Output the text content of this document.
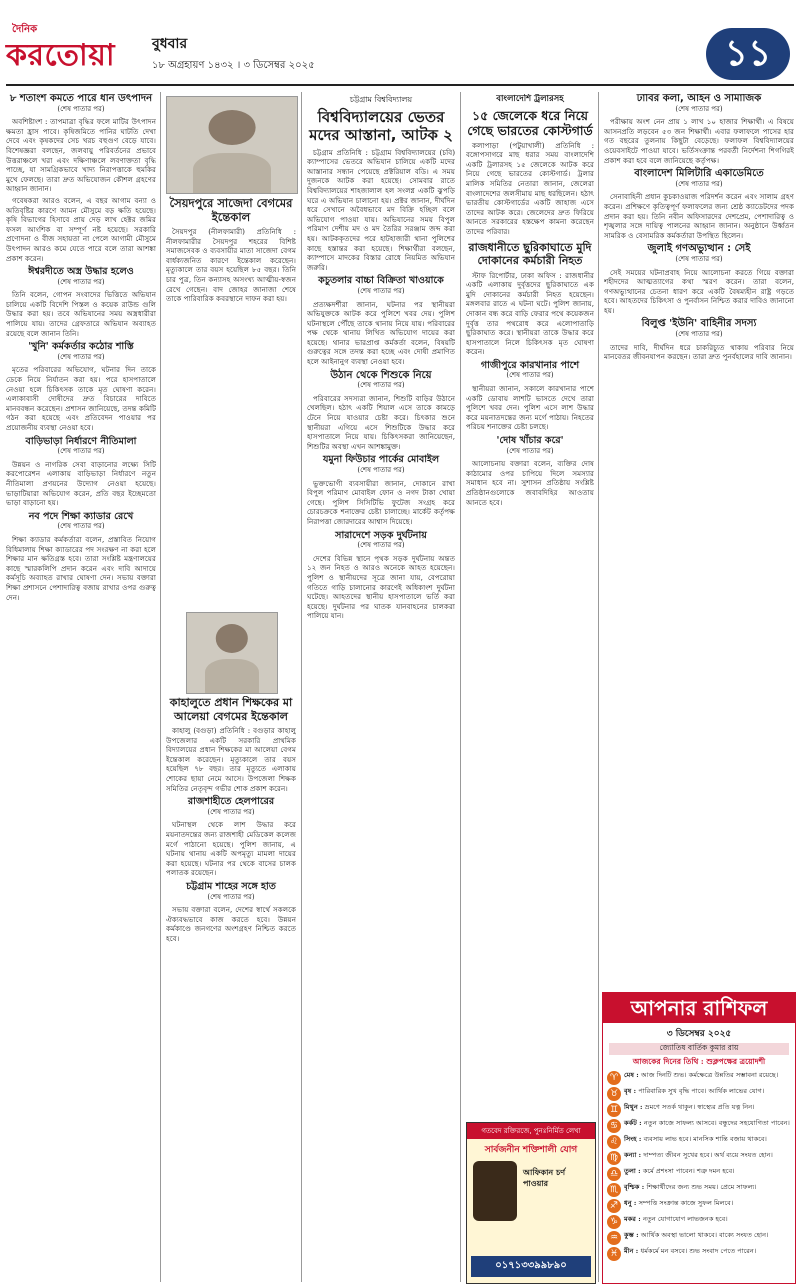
দৈনিক
করতোয়া	বুধবার
১৮ অগ্রহায়ণ ১৪৩২ । ৩ ডিসেম্বর ২০২৫	১১
৮ শতাংশ কমতে পারে ধান উৎপাদন
(শেষ পাতার পর)

অবশিষ্টাংশ : তাপমাত্রা বৃদ্ধির ফলে মাটির উৎপাদন ক্ষমতা হ্রাস পাবে। কৃষিজমিতে পানির ঘাটতি দেখা দেবে এবং কৃষকদের সেচ খরচ বহুগুণ বেড়ে যাবে। বিশেষজ্ঞরা বলছেন, জলবায়ু পরিবর্তনের প্রভাবে উত্তরাঞ্চলে খরা এবং দক্ষিণাঞ্চলে লবণাক্ততা বৃদ্ধি পাচ্ছে, যা সামগ্রিকভাবে খাদ্য নিরাপত্তাকে হুমকির মুখে ফেলছে। তারা দ্রুত অভিযোজন কৌশল গ্রহণের আহ্বান জানান।

গবেষকরা আরও বলেন, এ বছর আগাম বন্যা ও অতিবৃষ্টির কারণে আমন মৌসুমে বড় ক্ষতি হয়েছে। কৃষি বিভাগের হিসাবে প্রায় দেড় লাখ হেক্টর জমির ফসল আংশিক বা সম্পূর্ণ নষ্ট হয়েছে। সরকারি প্রণোদনা ও বীজ সহায়তা না পেলে আগামী মৌসুমে উৎপাদন আরও কমে যেতে পারে বলে তারা আশঙ্কা প্রকাশ করেন।

ঈশ্বরদীতে অস্ত্র উদ্ধার হলেও
(শেষ পাতার পর)

তিনি বলেন, গোপন সংবাদের ভিত্তিতে অভিযান চালিয়ে একটি বিদেশি পিস্তল ও কয়েক রাউন্ড গুলি উদ্ধার করা হয়। তবে অভিযানের সময় অস্ত্রধারীরা পালিয়ে যায়। তাদের গ্রেফতারে অভিযান অব্যাহত রয়েছে বলে জানান তিনি।

'খুনি' কর্মকর্তার কঠোর শাস্তি
(শেষ পাতার পর)

মৃতের পরিবারের অভিযোগ, ঘটনার দিন তাকে ডেকে নিয়ে নির্যাতন করা হয়। পরে হাসপাতালে নেওয়া হলে চিকিৎসক তাকে মৃত ঘোষণা করেন। এলাকাবাসী দোষীদের দ্রুত বিচারের দাবিতে মানববন্ধন করেছেন। প্রশাসন জানিয়েছে, তদন্ত কমিটি গঠন করা হয়েছে এবং প্রতিবেদন পাওয়ার পর প্রয়োজনীয় ব্যবস্থা নেওয়া হবে।

বাড়িভাড়া নির্ধারণে নীতিমালা
(শেষ পাতার পর)

উন্নয়ন ও নাগরিক সেবা বাড়ানোর লক্ষ্যে সিটি করপোরেশন এলাকায় বাড়িভাড়া নির্ধারণে নতুন নীতিমালা প্রণয়নের উদ্যোগ নেওয়া হয়েছে। ভাড়াটিয়ারা অভিযোগ করেন, প্রতি বছর ইচ্ছেমতো ভাড়া বাড়ানো হয়।

নব পদে শিক্ষা ক্যাডার রেখে
(শেষ পাতার পর)

শিক্ষা ক্যাডার কর্মকর্তারা বলেন, প্রস্তাবিত নিয়োগ বিধিমালায় শিক্ষা ক্যাডারের পদ সংরক্ষণ না করা হলে শিক্ষার মান ক্ষতিগ্রস্ত হবে। তারা সংশ্লিষ্ট মন্ত্রণালয়ের কাছে স্মারকলিপি প্রদান করেন এবং দাবি আদায়ে কর্মসূচি অব্যাহত রাখার ঘোষণা দেন। সভায় বক্তারা শিক্ষা প্রশাসনে পেশাদারিত্ব বজায় রাখার ওপর গুরুত্ব দেন।

সৈয়দপুরে সাজেদা বেগমের ইন্তেকাল

সৈয়দপুর (নীলফামারী) প্রতিনিধি : নীলফামারীর সৈয়দপুর শহরের বিশিষ্ট সমাজসেবক ও ব্যবসায়ীর মাতা সাজেদা বেগম বার্ধক্যজনিত কারণে ইন্তেকাল করেছেন। মৃত্যুকালে তার বয়স হয়েছিল ৮৫ বছর। তিনি চার পুত্র, তিন কন্যাসহ অসংখ্য আত্মীয়-স্বজন রেখে গেছেন। বাদ জোহর জানাজা শেষে তাকে পারিবারিক কবরস্থানে দাফন করা হয়।

কাহালুতে প্রধান শিক্ষকের মা আলেয়া বেগমের ইন্তেকাল

কাহালু (বগুড়া) প্রতিনিধি : বগুড়ার কাহালু উপজেলার একটি সরকারি প্রাথমিক বিদ্যালয়ের প্রধান শিক্ষকের মা আলেয়া বেগম ইন্তেকাল করেছেন। মৃত্যুকালে তার বয়স হয়েছিল ৭৮ বছর। তার মৃত্যুতে এলাকায় শোকের ছায়া নেমে আসে। উপজেলা শিক্ষক সমিতির নেতৃবৃন্দ গভীর শোক প্রকাশ করেন।

রাজশাহীতে হেলপারের
(শেষ পাতার পর)

ঘটনাস্থল থেকে লাশ উদ্ধার করে ময়নাতদন্তের জন্য রাজশাহী মেডিকেল কলেজ মর্গে পাঠানো হয়েছে। পুলিশ জানায়, এ ঘটনায় থানায় একটি অপমৃত্যু মামলা দায়ের করা হয়েছে। ঘটনার পর থেকে বাসের চালক পলাতক রয়েছেন।

চট্টগ্রাম শাহের সঙ্গে হাত
(শেষ পাতার পর)

সভায় বক্তারা বলেন, দেশের স্বার্থে সকলকে ঐক্যবদ্ধভাবে কাজ করতে হবে। উন্নয়ন কর্মকাণ্ডে জনগণের অংশগ্রহণ নিশ্চিত করতে হবে।

চট্টগ্রাম বিশ্ববিদ্যালয়
বিশ্ববিদ্যালয়ের ভেতর মদের আস্তানা, আটক ২

চট্টগ্রাম প্রতিনিধি : চট্টগ্রাম বিশ্ববিদ্যালয়ের (চবি) ক্যাম্পাসের ভেতরে অভিযান চালিয়ে একটি মদের আস্তানার সন্ধান পেয়েছে প্রক্টরিয়াল বডি। এ সময় দুজনকে আটক করা হয়েছে। সোমবার রাতে বিশ্ববিদ্যালয়ের শাহজালাল হল সংলগ্ন একটি ঝুপড়ি ঘরে এ অভিযান চালানো হয়। প্রক্টর জানান, দীর্ঘদিন ধরে সেখানে অবৈধভাবে মদ বিক্রি হচ্ছিল বলে অভিযোগ পাওয়া যায়। অভিযানের সময় বিপুল পরিমাণ দেশীয় মদ ও মদ তৈরির সরঞ্জাম জব্দ করা হয়। আটককৃতদের পরে হাটহাজারী থানা পুলিশের কাছে হস্তান্তর করা হয়েছে। শিক্ষার্থীরা বলছেন, ক্যাম্পাসে মাদকের বিস্তার রোধে নিয়মিত অভিযান জরুরি।

কচুতলার বাচ্চা বিক্রিতা খাওয়াকে
(শেষ পাতার পর)

প্রত্যক্ষদর্শীরা জানান, ঘটনার পর স্থানীয়রা অভিযুক্তকে আটক করে পুলিশে খবর দেয়। পুলিশ ঘটনাস্থলে পৌঁছে তাকে থানায় নিয়ে যায়। পরিবারের পক্ষ থেকে থানায় লিখিত অভিযোগ দায়ের করা হয়েছে। থানার ভারপ্রাপ্ত কর্মকর্তা বলেন, বিষয়টি গুরুত্বের সঙ্গে তদন্ত করা হচ্ছে এবং দোষী প্রমাণিত হলে আইনানুগ ব্যবস্থা নেওয়া হবে।

উঠান থেকে শিশুকে নিয়ে
(শেষ পাতার পর)

পরিবারের সদস্যরা জানান, শিশুটি বাড়ির উঠানে খেলছিল। হঠাৎ একটি শিয়াল এসে তাকে কামড়ে টেনে নিয়ে যাওয়ার চেষ্টা করে। চিৎকার শুনে স্থানীয়রা এগিয়ে এসে শিশুটিকে উদ্ধার করে হাসপাতালে নিয়ে যায়। চিকিৎসকরা জানিয়েছেন, শিশুটির অবস্থা এখন আশঙ্কামুক্ত।

যমুনা ফিউচার পার্কের মোবাইল
(শেষ পাতার পর)

ভুক্তভোগী ব্যবসায়ীরা জানান, দোকানে রাখা বিপুল পরিমাণ মোবাইল ফোন ও নগদ টাকা খোয়া গেছে। পুলিশ সিসিটিভি ফুটেজ সংগ্রহ করে চোরচক্রকে শনাক্তের চেষ্টা চালাচ্ছে। মার্কেট কর্তৃপক্ষ নিরাপত্তা জোরদারের আশ্বাস দিয়েছে।

সারাদেশে সড়ক দুর্ঘটনায়
(শেষ পাতার পর)

দেশের বিভিন্ন স্থানে পৃথক সড়ক দুর্ঘটনায় অন্তত ১২ জন নিহত ও আরও অনেকে আহত হয়েছেন। পুলিশ ও স্থানীয়দের সূত্রে জানা যায়, বেপরোয়া গতিতে গাড়ি চালানোর কারণেই অধিকাংশ দুর্ঘটনা ঘটেছে। আহতদের স্থানীয় হাসপাতালে ভর্তি করা হয়েছে। দুর্ঘটনার পর ঘাতক যানবাহনের চালকরা পালিয়ে যান।

বাংলাদেশি ট্রলারসহ
১৫ জেলেকে ধরে নিয়ে গেছে ভারতের কোস্টগার্ড

কলাপাড়া (পটুয়াখালী) প্রতিনিধি : বঙ্গোপসাগরে মাছ ধরার সময় বাংলাদেশি একটি ট্রলারসহ ১৫ জেলেকে আটক করে নিয়ে গেছে ভারতের কোস্টগার্ড। ট্রলার মালিক সমিতির নেতারা জানান, জেলেরা বাংলাদেশের জলসীমায় মাছ ধরছিলেন। হঠাৎ ভারতীয় কোস্টগার্ডের একটি জাহাজ এসে তাদের আটক করে। জেলেদের দ্রুত ফিরিয়ে আনতে সরকারের হস্তক্ষেপ কামনা করেছেন তাদের পরিবার।

রাজধানীতে ছুরিকাঘাতে মুদি দোকানের কর্মচারী নিহত

স্টাফ রিপোর্টার, ঢাকা অফিস : রাজধানীর একটি এলাকায় দুর্বৃত্তদের ছুরিকাঘাতে এক মুদি দোকানের কর্মচারী নিহত হয়েছেন। মঙ্গলবার রাতে এ ঘটনা ঘটে। পুলিশ জানায়, দোকান বন্ধ করে বাড়ি ফেরার পথে কয়েকজন দুর্বৃত্ত তার পথরোধ করে এলোপাতাড়ি ছুরিকাঘাত করে। স্থানীয়রা তাকে উদ্ধার করে হাসপাতালে নিলে চিকিৎসক মৃত ঘোষণা করেন।

গাজীপুরে কারখানার পাশে
(শেষ পাতার পর)

স্থানীয়রা জানান, সকালে কারখানার পাশে একটি ডোবায় লাশটি ভাসতে দেখে তারা পুলিশে খবর দেন। পুলিশ এসে লাশ উদ্ধার করে ময়নাতদন্তের জন্য মর্গে পাঠায়। নিহতের পরিচয় শনাক্তের চেষ্টা চলছে।

'দোষ খাঁচার করে'
(শেষ পাতার পর)

আলোচনায় বক্তারা বলেন, ব্যক্তির দোষ কাঠামোর ওপর চাপিয়ে দিলে সমস্যার সমাধান হবে না। সুশাসন প্রতিষ্ঠায় সংশ্লিষ্ট প্রতিষ্ঠানগুলোকে জবাবদিহির আওতায় আনতে হবে।

গতবেদ রক্তিরজে, পুনঃনির্মিত লেখা
সার্বজনীন শক্তিশালী যোগ
আফিকান চর্ণ পাওয়ার
০১৭১৩৩৯৯৮৯০
ঢাবির কলা, আইন ও সামাজিক
(শেষ পাতার পর)

পরীক্ষায় অংশ নেন প্রায় ১ লাখ ১০ হাজার শিক্ষার্থী। এ বিষয়ে আসনপ্রতি লড়বেন ৫৩ জন শিক্ষার্থী। এবার ফলাফলে পাসের হার গত বছরের তুলনায় কিছুটা বেড়েছে। ফলাফল বিশ্ববিদ্যালয়ের ওয়েবসাইটে পাওয়া যাবে। ভর্তিসংক্রান্ত পরবর্তী নির্দেশনা শিগগিরই প্রকাশ করা হবে বলে জানিয়েছে কর্তৃপক্ষ।

বাংলাদেশ মিলিটারি একাডেমিতে
(শেষ পাতার পর)

সেনাবাহিনী প্রধান কুচকাওয়াজ পরিদর্শন করেন এবং সালাম গ্রহণ করেন। প্রশিক্ষণে কৃতিত্বপূর্ণ ফলাফলের জন্য শ্রেষ্ঠ ক্যাডেটদের পদক প্রদান করা হয়। তিনি নবীন অফিসারদের দেশপ্রেম, পেশাদারিত্ব ও শৃঙ্খলার সঙ্গে দায়িত্ব পালনের আহ্বান জানান। অনুষ্ঠানে উর্ধ্বতন সামরিক ও বেসামরিক কর্মকর্তারা উপস্থিত ছিলেন।

জুলাই গণঅভ্যুত্থান : সেই
(শেষ পাতার পর)

সেই সময়ের ঘটনাপ্রবাহ নিয়ে আলোচনা করতে গিয়ে বক্তারা শহীদদের আত্মত্যাগের কথা স্মরণ করেন। তারা বলেন, গণঅভ্যুত্থানের চেতনা ধারণ করে একটি বৈষম্যহীন রাষ্ট্র গড়তে হবে। আহতদের চিকিৎসা ও পুনর্বাসন নিশ্চিত করার দাবিও জানানো হয়।

বিলুপ্ত 'ইউনি' বাহিনীর সদস্য
(শেষ পাতার পর)

তাদের দাবি, দীর্ঘদিন ধরে চাকরিচ্যুত থাকায় পরিবার নিয়ে মানবেতর জীবনযাপন করছেন। তারা দ্রুত পুনর্বহালের দাবি জানান।

আপনার রাশিফল
৩ ডিসেম্বর ২০২৫
জ্যোতিষ বার্তিক কুমার রায়
আজকের দিনের তিথি : শুক্লপক্ষের ত্রয়োদশী
♈ মেষ : আজ দিনটি শুভ। কর্মক্ষেত্রে উন্নতির সম্ভাবনা রয়েছে।
♉ বৃষ : পারিবারিক সুখ বৃদ্ধি পাবে। আর্থিক লাভের যোগ।
♊ মিথুন : ভ্রমণে সতর্ক থাকুন। স্বাস্থ্যের প্রতি যত্ন নিন।
♋ কর্কট : নতুন কাজে সাফল্য আসবে। বন্ধুদের সহযোগিতা পাবেন।
♌ সিংহ : ব্যবসায় লাভ হবে। মানসিক শান্তি বজায় থাকবে।
♍ কন্যা : দাম্পত্য জীবন সুখের হবে। অর্থ ব্যয়ে সংযত হোন।
♎ তুলা : কর্মে প্রশংসা পাবেন। শত্রু দমন হবে।
♏ বৃশ্চিক : শিক্ষার্থীদের জন্য শুভ সময়। প্রেমে সাফল্য।
♐ ধনু : সম্পত্তি সংক্রান্ত কাজে সুফল মিলবে।
♑ মকর : নতুন যোগাযোগ লাভজনক হবে।
♒ কুম্ভ : আর্থিক অবস্থা ভালো থাকবে। বাক্যে সংযত হোন।
♓ মীন : ধর্মকর্মে মন বসবে। শুভ সংবাদ পেতে পারেন।
